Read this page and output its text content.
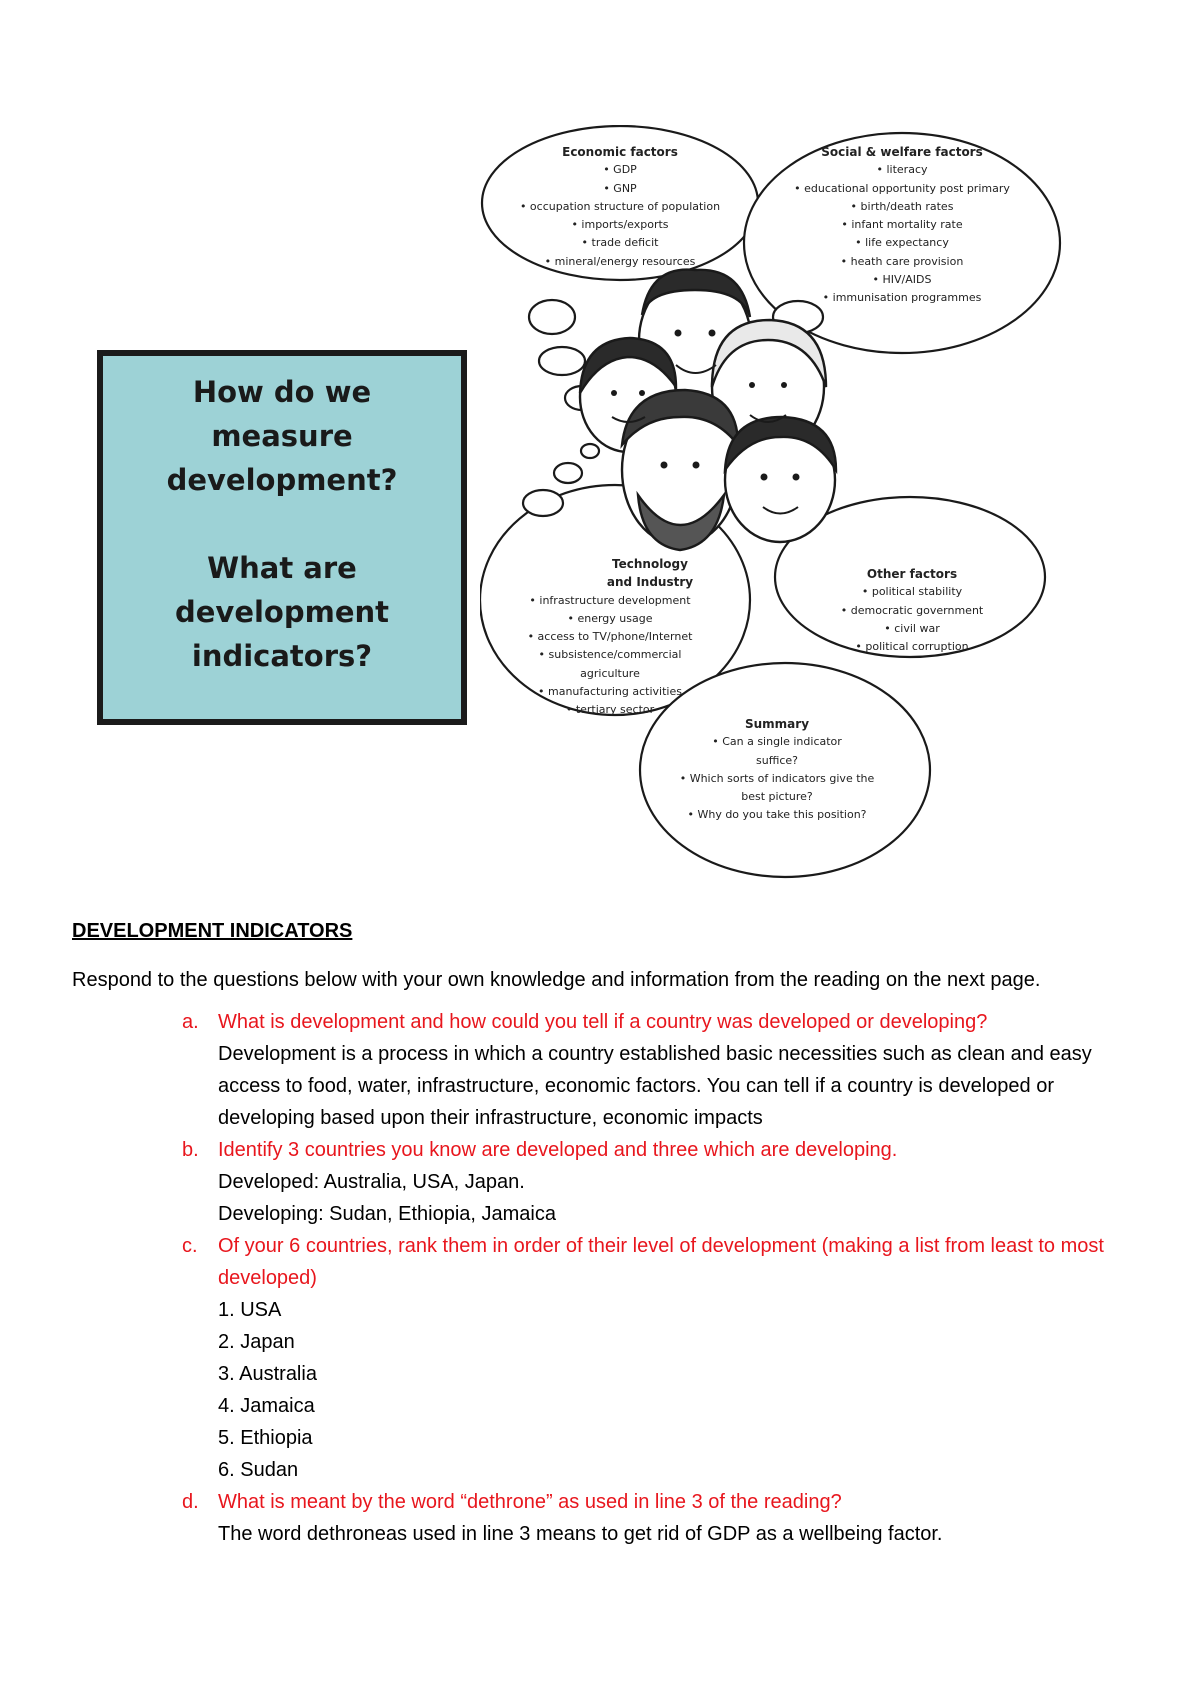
How do we
measure
development?
What are
development
indicators?
Economic factors
• GDP
• GNP
• occupation structure of population
• imports/exports
• trade deficit
• mineral/energy resources
Social & welfare factors
• literacy
• educational opportunity post primary
• birth/death rates
• infant mortality rate
• life expectancy
• heath care provision
• HIV/AIDS
• immunisation programmes
Technology
and Industry
• infrastructure development
• energy usage
• access to TV/phone/Internet
• subsistence/commercial
agriculture
• manufacturing activities
• tertiary sector
Other factors
• political stability
• democratic government
• civil war
• political corruption
Summary
• Can a single indicator
suffice?
• Which sorts of indicators give the
best picture?
• Why do you take this position?

DEVELOPMENT INDICATORS

Respond to the questions below with your own knowledge and information from the reading on the next page.

a. What is development and how could you tell if a country was developed or developing?
Development is a process in which a country established basic necessities such as clean and easy access to food, water, infrastructure, economic factors. You can tell if a country is developed or developing based upon their infrastructure, economic impacts
b. Identify 3 countries you know are developed and three which are developing.
Developed: Australia, USA, Japan.
Developing: Sudan, Ethiopia, Jamaica
c. Of your 6 countries, rank them in order of their level of development (making a list from least to most developed)
1. USA
2. Japan
3. Australia
4. Jamaica
5. Ethiopia
6. Sudan
d. What is meant by the word “dethrone” as used in line 3 of the reading?
The word dethroneas used in line 3 means to get rid of GDP as a wellbeing factor.
